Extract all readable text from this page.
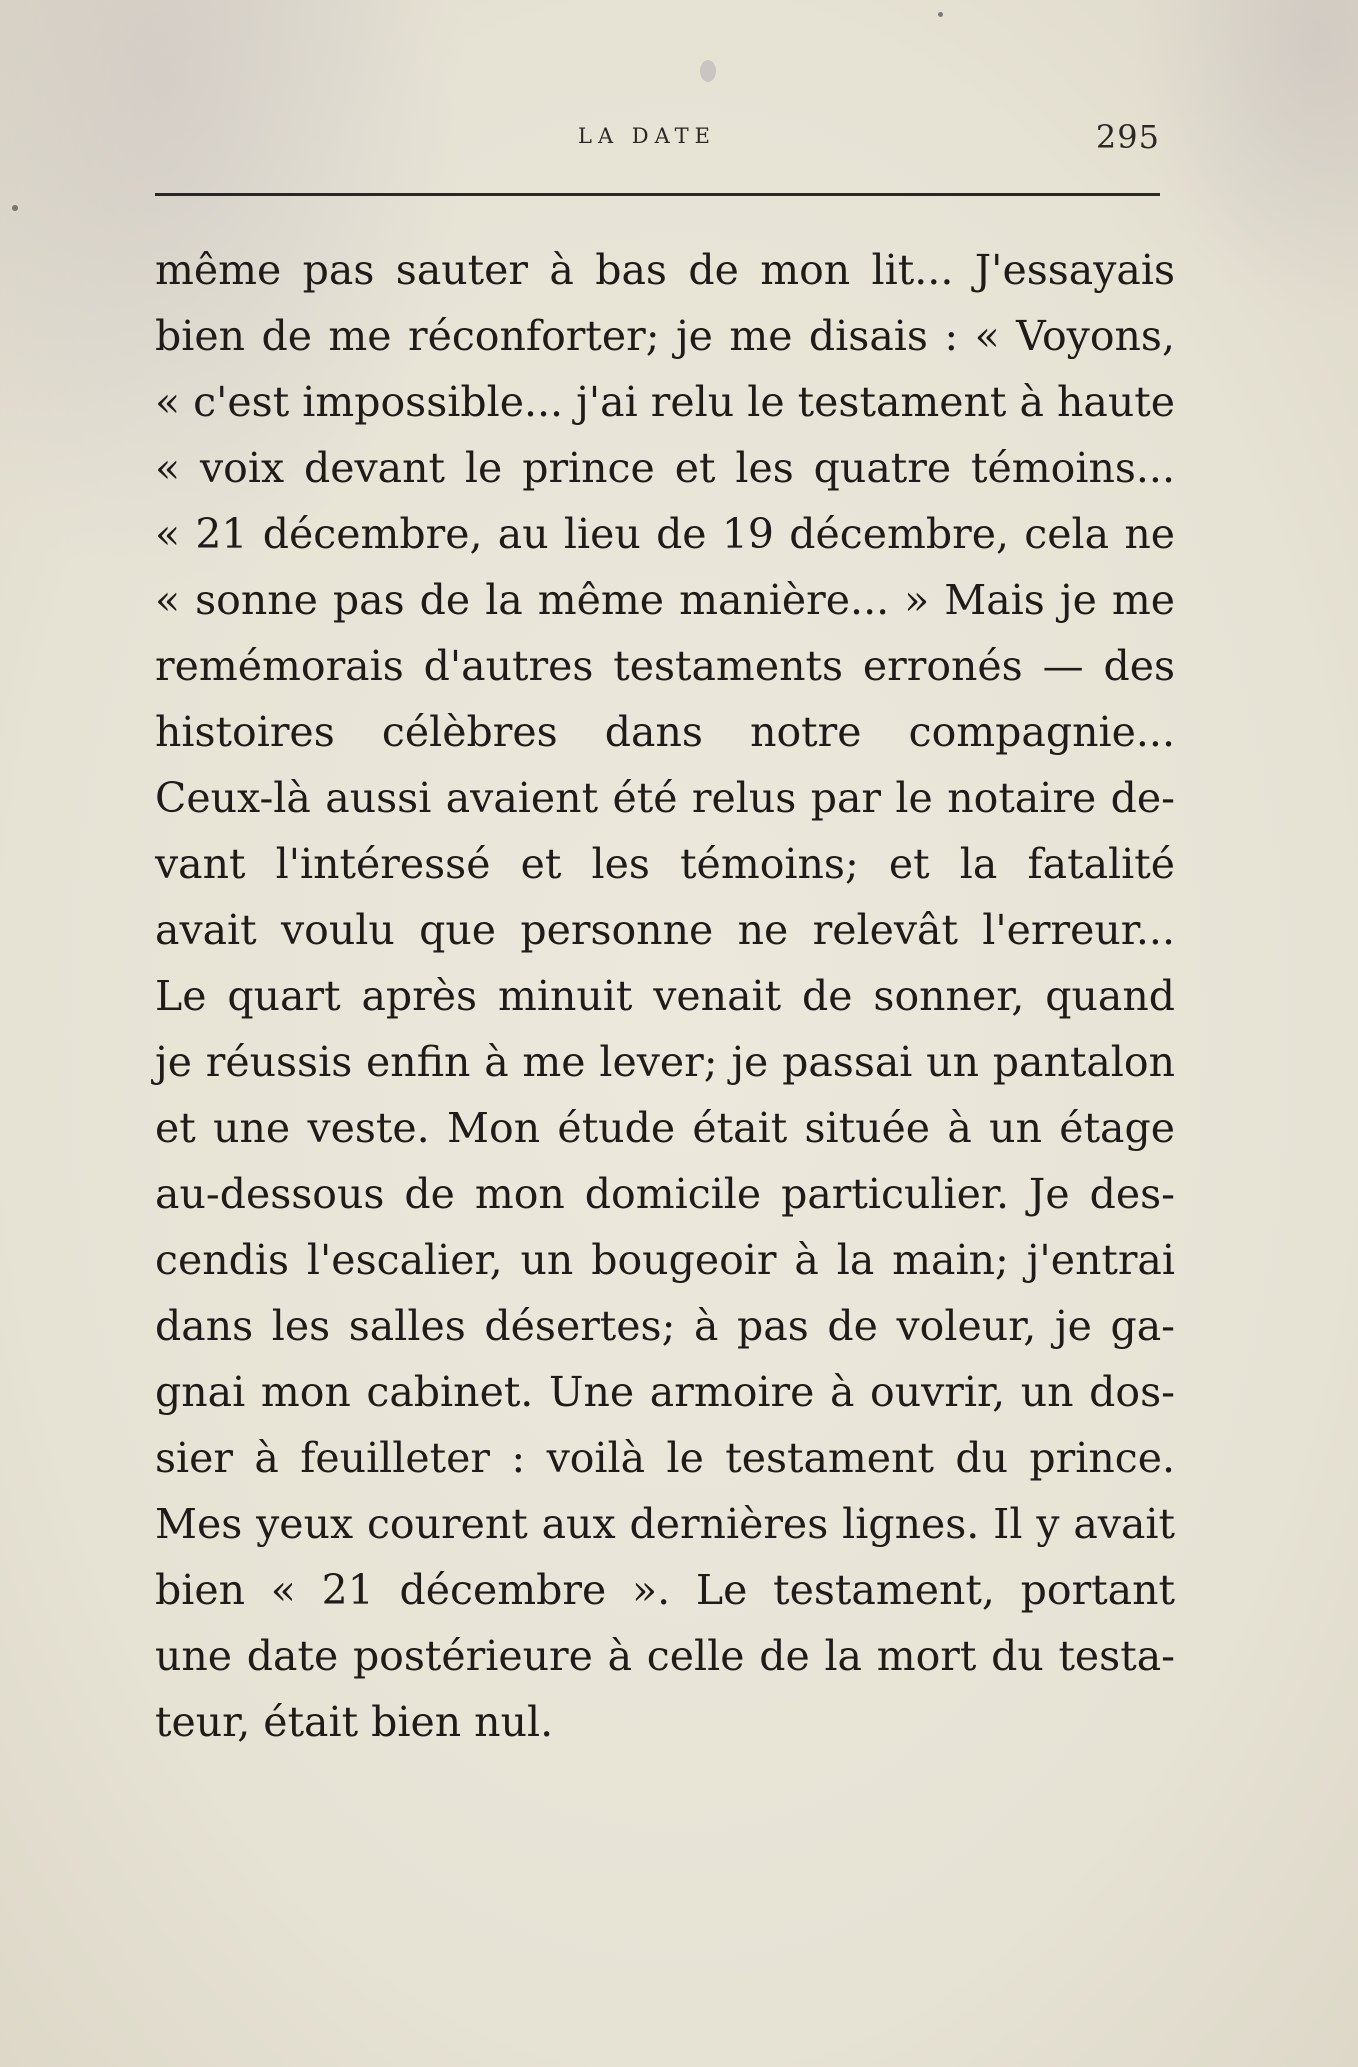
LA DATE	295
même pas sauter à bas de mon lit... J'essayais
bien de me réconforter; je me disais : « Voyons,
« c'est impossible... j'ai relu le testament à haute
« voix devant le prince et les quatre témoins...
« 21 décembre, au lieu de 19 décembre, cela ne
« sonne pas de la même manière... » Mais je me
remémorais d'autres testaments erronés — des
histoires célèbres dans notre compagnie...
Ceux-là aussi avaient été relus par le notaire de-
vant l'intéressé et les témoins; et la fatalité
avait voulu que personne ne relevât l'erreur...
Le quart après minuit venait de sonner, quand
je réussis enfin à me lever; je passai un pantalon
et une veste. Mon étude était située à un étage
au-dessous de mon domicile particulier. Je des-
cendis l'escalier, un bougeoir à la main; j'entrai
dans les salles désertes; à pas de voleur, je ga-
gnai mon cabinet. Une armoire à ouvrir, un dos-
sier à feuilleter : voilà le testament du prince.
Mes yeux courent aux dernières lignes. Il y avait
bien « 21 décembre ». Le testament, portant
une date postérieure à celle de la mort du testa-
teur, était bien nul.
